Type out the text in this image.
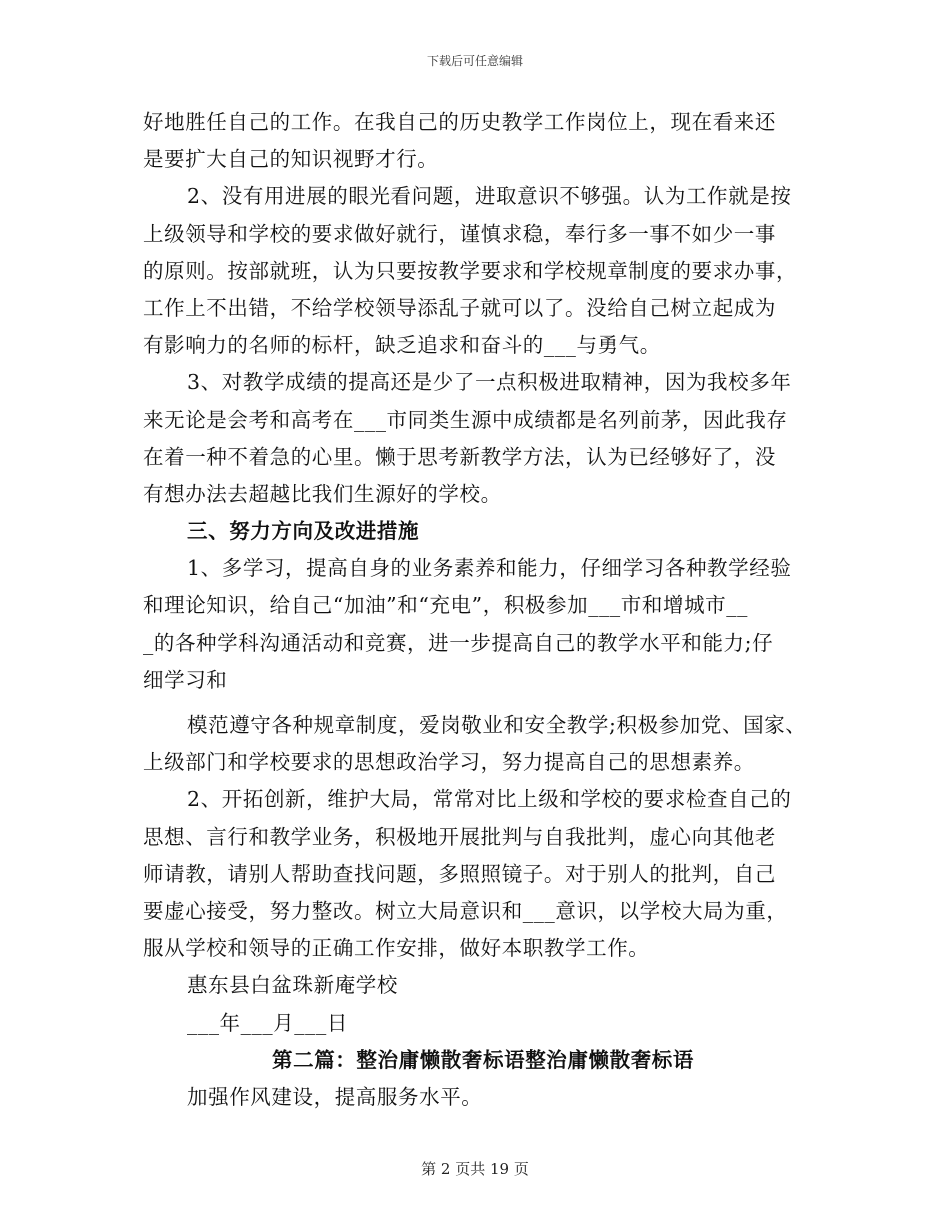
下载后可任意编辑
好地胜任自己的工作。在我自己的历史教学工作岗位上，现在看来还
是要扩大自己的知识视野才行。
2、没有用进展的眼光看问题，进取意识不够强。认为工作就是按
上级领导和学校的要求做好就行，谨慎求稳，奉行多一事不如少一事
的原则。按部就班，认为只要按教学要求和学校规章制度的要求办事，
工作上不出错，不给学校领导添乱子就可以了。没给自己树立起成为
有影响力的名师的标杆，缺乏追求和奋斗的___与勇气。
3、对教学成绩的提高还是少了一点积极进取精神，因为我校多年
来无论是会考和高考在___市同类生源中成绩都是名列前茅，因此我存
在着一种不着急的心里。懒于思考新教学方法，认为已经够好了，没
有想办法去超越比我们生源好的学校。
三、努力方向及改进措施
1、多学习，提高自身的业务素养和能力，仔细学习各种教学经验
和理论知识，给自己“加油”和“充电”，积极参加___市和增城市__
_的各种学科沟通活动和竞赛，进一步提高自己的教学水平和能力;仔
细学习和
模范遵守各种规章制度，爱岗敬业和安全教学;积极参加党、国家、
上级部门和学校要求的思想政治学习，努力提高自己的思想素养。
2、开拓创新，维护大局，常常对比上级和学校的要求检查自己的
思想、言行和教学业务，积极地开展批判与自我批判，虚心向其他老
师请教，请别人帮助查找问题，多照照镜子。对于别人的批判，自己
要虚心接受，努力整改。树立大局意识和___意识，以学校大局为重，
服从学校和领导的正确工作安排，做好本职教学工作。
惠东县白盆珠新庵学校
___年___月___日
第二篇：整治庸懒散奢标语整治庸懒散奢标语
加强作风建设，提高服务水平。
第 2 页共 19 页
